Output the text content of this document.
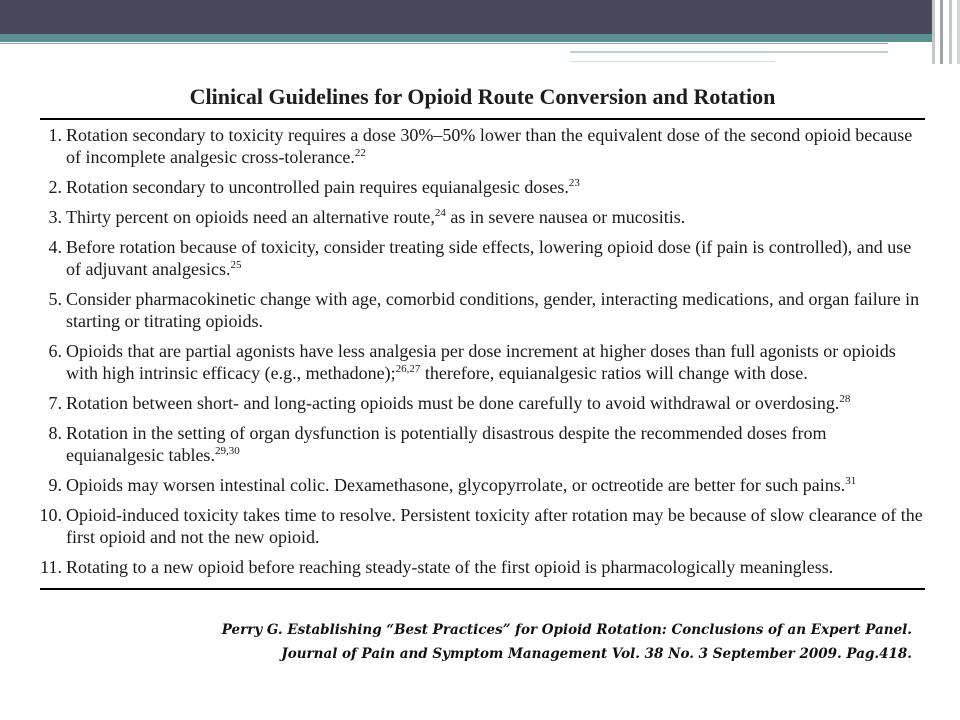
Clinical Guidelines for Opioid Route Conversion and Rotation
1. Rotation secondary to toxicity requires a dose 30%–50% lower than the equivalent dose of the second opioid because of incomplete analgesic cross-tolerance.$^{22}$
2. Rotation secondary to uncontrolled pain requires equianalgesic doses.$^{23}$
3. Thirty percent on opioids need an alternative route,$^{24}$ as in severe nausea or mucositis.
4. Before rotation because of toxicity, consider treating side effects, lowering opioid dose (if pain is controlled), and use of adjuvant analgesics.$^{25}$
5. Consider pharmacokinetic change with age, comorbid conditions, gender, interacting medications, and organ failure in starting or titrating opioids.
6. Opioids that are partial agonists have less analgesia per dose increment at higher doses than full agonists or opioids with high intrinsic efficacy (e.g., methadone);$^{26,27}$ therefore, equianalgesic ratios will change with dose.
7. Rotation between short- and long-acting opioids must be done carefully to avoid withdrawal or overdosing.$^{28}$
8. Rotation in the setting of organ dysfunction is potentially disastrous despite the recommended doses from equianalgesic tables.$^{29,30}$
9. Opioids may worsen intestinal colic. Dexamethasone, glycopyrrolate, or octreotide are better for such pains.$^{31}$
10. Opioid-induced toxicity takes time to resolve. Persistent toxicity after rotation may be because of slow clearance of the first opioid and not the new opioid.
11. Rotating to a new opioid before reaching steady-state of the first opioid is pharmacologically meaningless.
Perry G. Establishing “Best Practices” for Opioid Rotation: Conclusions of an Expert Panel.
Journal of Pain and Symptom Management Vol. 38 No. 3 September 2009. Pag.418.
